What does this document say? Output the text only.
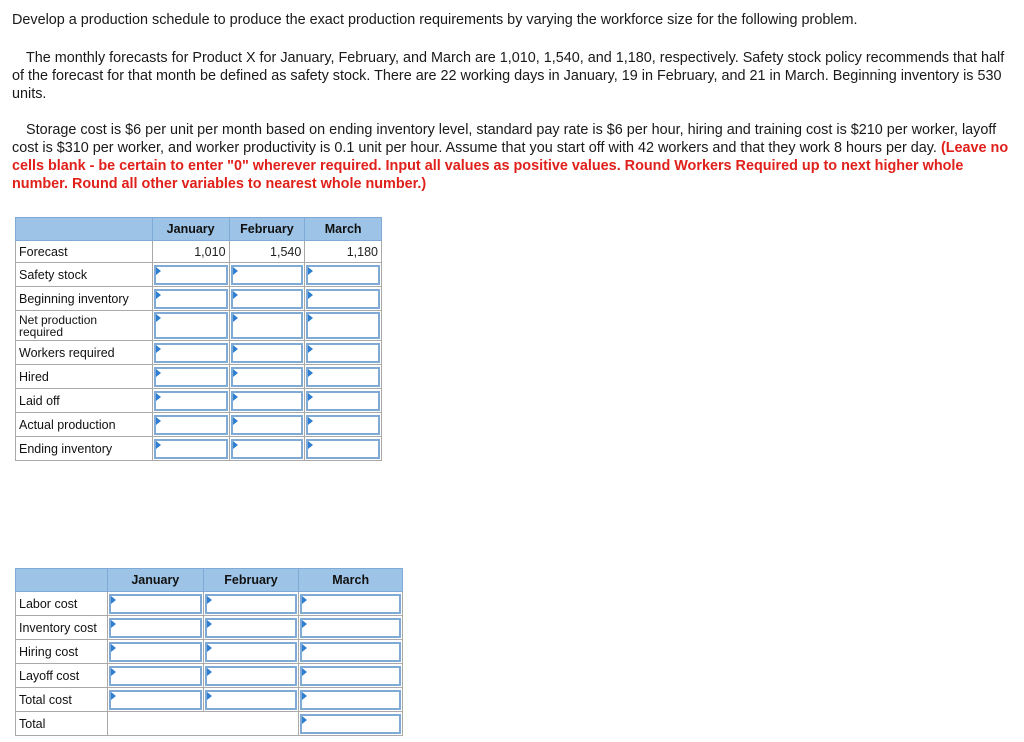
Develop a production schedule to produce the exact production requirements by varying the workforce size for the following problem.
The monthly forecasts for Product X for January, February, and March are 1,010, 1,540, and 1,180, respectively. Safety stock policy recommends that half of the forecast for that month be defined as safety stock. There are 22 working days in January, 19 in February, and 21 in March. Beginning inventory is 530 units.
Storage cost is $6 per unit per month based on ending inventory level, standard pay rate is $6 per hour, hiring and training cost is $210 per worker, layoff cost is $310 per worker, and worker productivity is 0.1 unit per hour. Assume that you start off with 42 workers and that they work 8 hours per day. (Leave no cells blank - be certain to enter "0" wherever required. Input all values as positive values. Round Workers Required up to next higher whole number. Round all other variables to nearest whole number.)
	January	February	March
Forecast	1,010	1,540	1,180
Safety stock	

Beginning inventory	

Net production required			

Workers required	

Hired	

Laid off	

Actual production	

Ending inventory	

	January	February	March
Labor cost	

Inventory cost	

Hiring cost	

Layoff cost	

Total cost	

Total			
